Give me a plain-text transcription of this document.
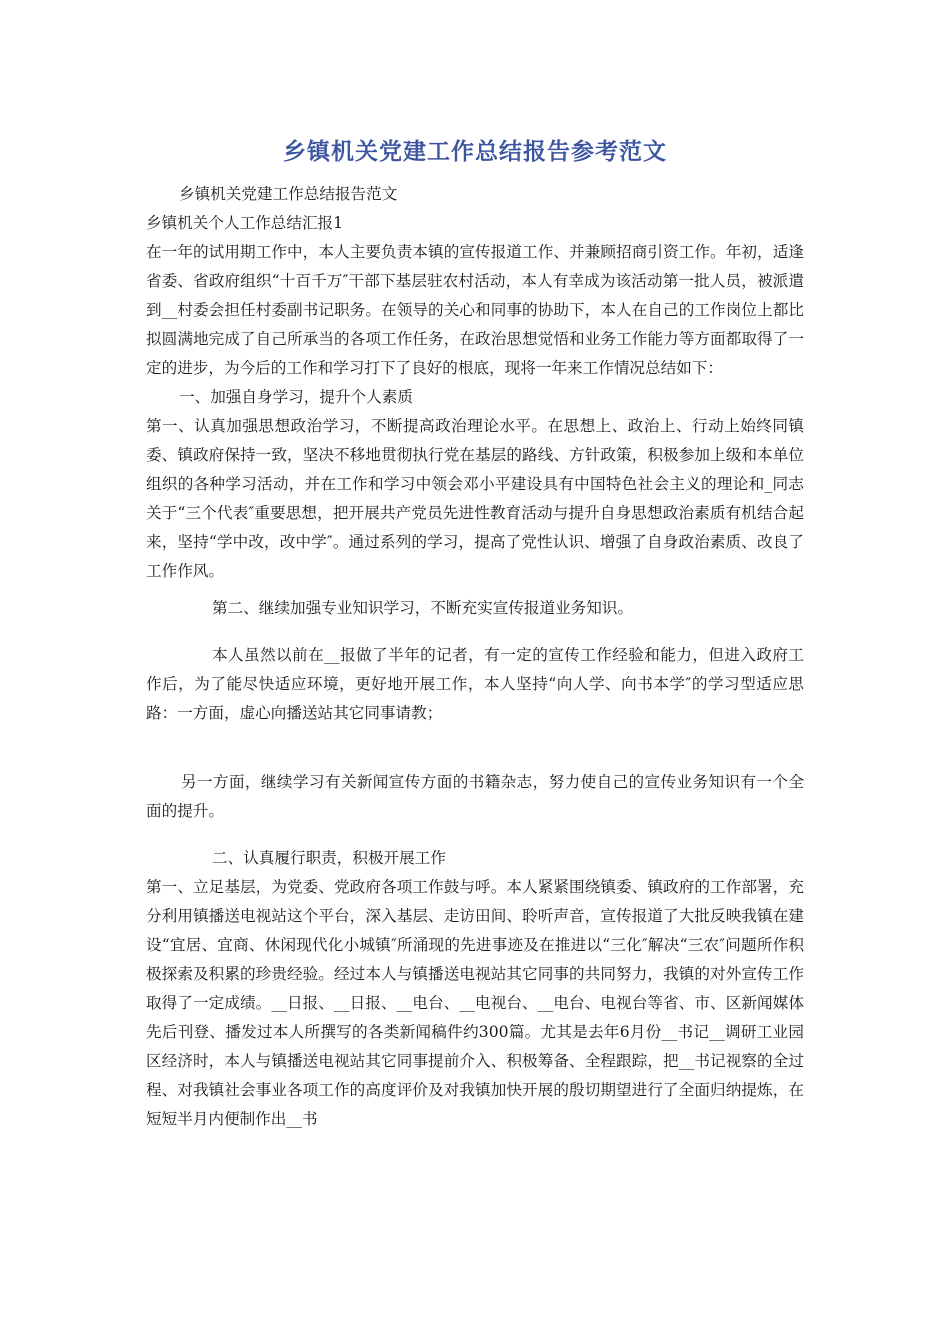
乡镇机关党建工作总结报告参考范文

乡镇机关党建工作总结报告范文

乡镇机关个人工作总结汇报1

在一年的试用期工作中，本人主要负责本镇的宣传报道工作、并兼顾招商引资工作。年初，适逢省委、省政府组织“十百千万″干部下基层驻农村活动，本人有幸成为该活动第一批人员，被派遣到__村委会担任村委副书记职务。在领导的关心和同事的协助下，本人在自己的工作岗位上都比拟圆满地完成了自己所承当的各项工作任务，在政治思想觉悟和业务工作能力等方面都取得了一定的进步，为今后的工作和学习打下了良好的根底，现将一年来工作情况总结如下：

一、加强自身学习，提升个人素质

第一、认真加强思想政治学习，不断提高政治理论水平。在思想上、政治上、行动上始终同镇委、镇政府保持一致，坚决不移地贯彻执行党在基层的路线、方针政策，积极参加上级和本单位组织的各种学习活动，并在工作和学习中领会邓小平建设具有中国特色社会主义的理论和_同志关于“三个代表″重要思想，把开展共产党员先进性教育活动与提升自身思想政治素质有机结合起来，坚持“学中改，改中学″。通过系列的学习，提高了党性认识、增强了自身政治素质、改良了工作作风。

第二、继续加强专业知识学习，不断充实宣传报道业务知识。

本人虽然以前在__报做了半年的记者，有一定的宣传工作经验和能力，但进入政府工作后，为了能尽快适应环境，更好地开展工作，本人坚持“向人学、向书本学″的学习型适应思路：一方面，虚心向播送站其它同事请教；

另一方面，继续学习有关新闻宣传方面的书籍杂志，努力使自己的宣传业务知识有一个全面的提升。

二、认真履行职责，积极开展工作

第一、立足基层，为党委、党政府各项工作鼓与呼。本人紧紧围绕镇委、镇政府的工作部署，充分利用镇播送电视站这个平台，深入基层、走访田间、聆听声音，宣传报道了大批反映我镇在建设“宜居、宜商、休闲现代化小城镇″所涌现的先进事迹及在推进以“三化″解决“三农″问题所作积极探索及积累的珍贵经验。经过本人与镇播送电视站其它同事的共同努力，我镇的对外宣传工作取得了一定成绩。__日报、__日报、__电台、__电视台、__电台、电视台等省、市、区新闻媒体先后刊登、播发过本人所撰写的各类新闻稿件约300篇。尤其是去年6月份__书记__调研工业园区经济时，本人与镇播送电视站其它同事提前介入、积极筹备、全程跟踪，把__书记视察的全过程、对我镇社会事业各项工作的高度评价及对我镇加快开展的殷切期望进行了全面归纳提炼，在短短半月内便制作出__书
